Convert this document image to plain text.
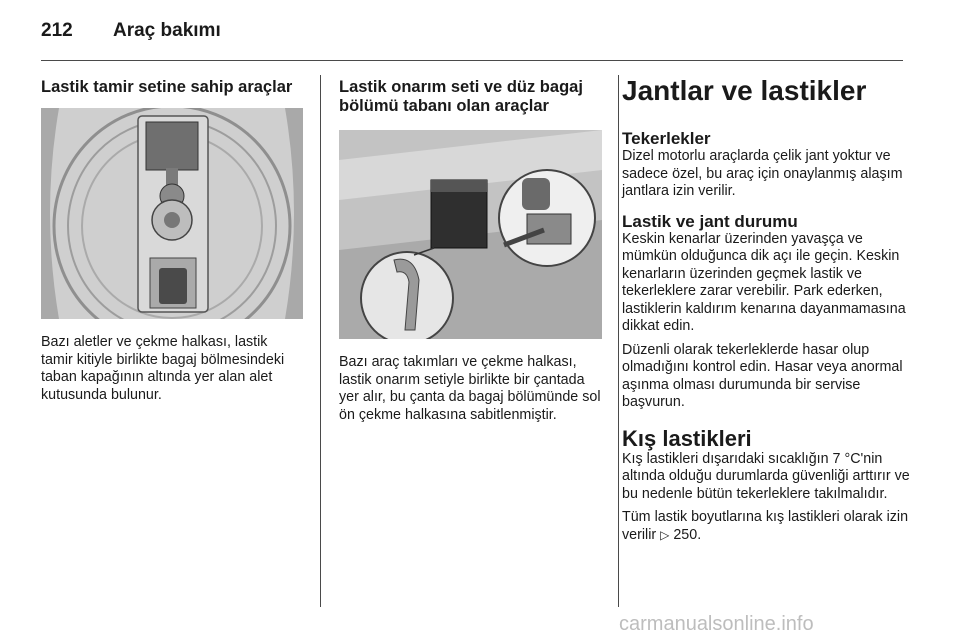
212 Araç bakımı
Lastik tamir setine sahip araçlar

Bazı aletler ve çekme halkası, lastik tamir kitiyle birlikte bagaj bölmesindeki taban kapağının altında yer alan alet kutusunda bulunur.

Lastik onarım seti ve düz bagaj bölümü tabanı olan araçlar

Bazı araç takımları ve çekme halkası, lastik onarım setiyle birlikte bir çantada yer alır, bu çanta da bagaj bölümünde sol ön çekme halkasına sabitlenmiştir.

Jantlar ve lastikler
Tekerlekler

Dizel motorlu araçlarda çelik jant yoktur ve sadece özel, bu araç için onaylanmış alaşım jantlara izin verilir.

Lastik ve jant durumu

Keskin kenarlar üzerinden yavaşça ve mümkün olduğunca dik açı ile geçin. Keskin kenarların üzerinden geçmek lastik ve tekerleklere zarar verebilir. Park ederken, lastiklerin kaldırım kenarına dayanmamasına dikkat edin.

Düzenli olarak tekerleklerde hasar olup olmadığını kontrol edin. Hasar veya anormal aşınma olması durumunda bir servise başvurun.

Kış lastikleri

Kış lastikleri dışarıdaki sıcaklığın 7 °C'nin altında olduğu durumlarda güvenliği arttırır ve bu nedenle bütün tekerleklere takılmalıdır.

Tüm lastik boyutlarına kış lastikleri olarak izin verilir ▷ 250.

carmanualsonline.info
